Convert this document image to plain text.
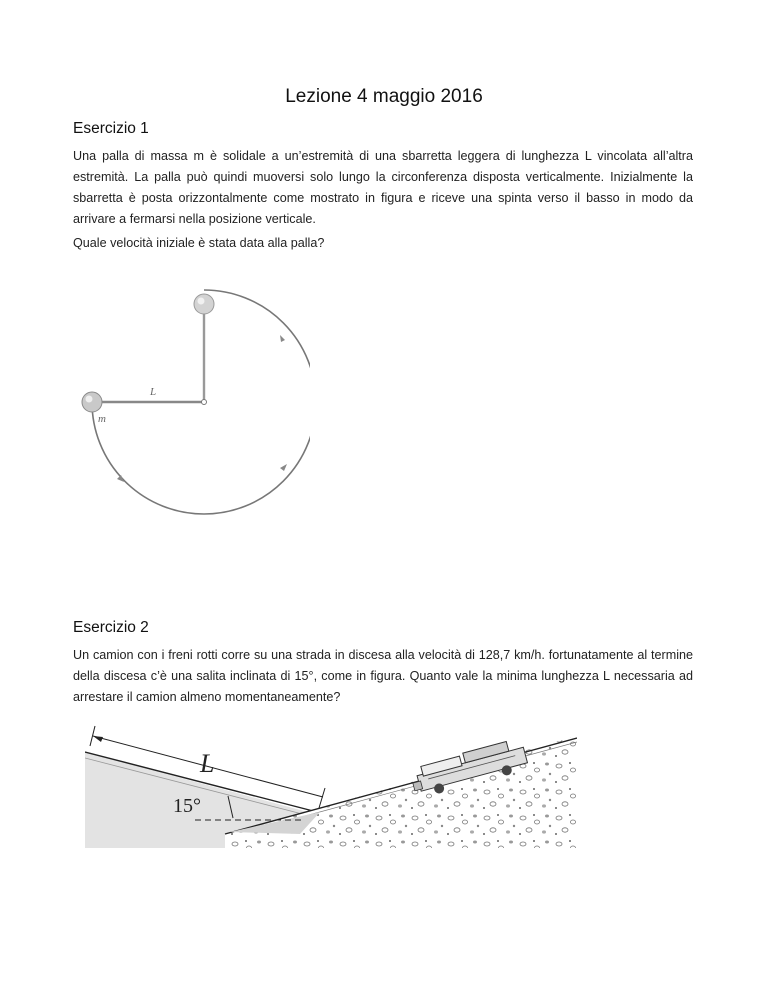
Lezione 4 maggio 2016
Esercizio 1
Una palla di massa m è solidale a un’estremità di una sbarretta leggera di lunghezza L vincolata all’altra estremità. La palla può quindi muoversi solo lungo la circonferenza disposta verticalmente. Inizialmente la sbarretta è posta orizzontalmente come mostrato in figura e riceve una spinta verso il basso in modo da arrivare a fermarsi nella posizione verticale.
Quale velocità iniziale è stata data alla palla?
L
m
Esercizio 2
Un camion con i freni rotti corre su una strada in discesa alla velocità di 128,7 km/h. fortunatamente al termine della discesa c’è una salita inclinata di 15°, come in figura. Quanto vale la minima lunghezza L necessaria ad arrestare il camion almeno momentaneamente?
L
15°
